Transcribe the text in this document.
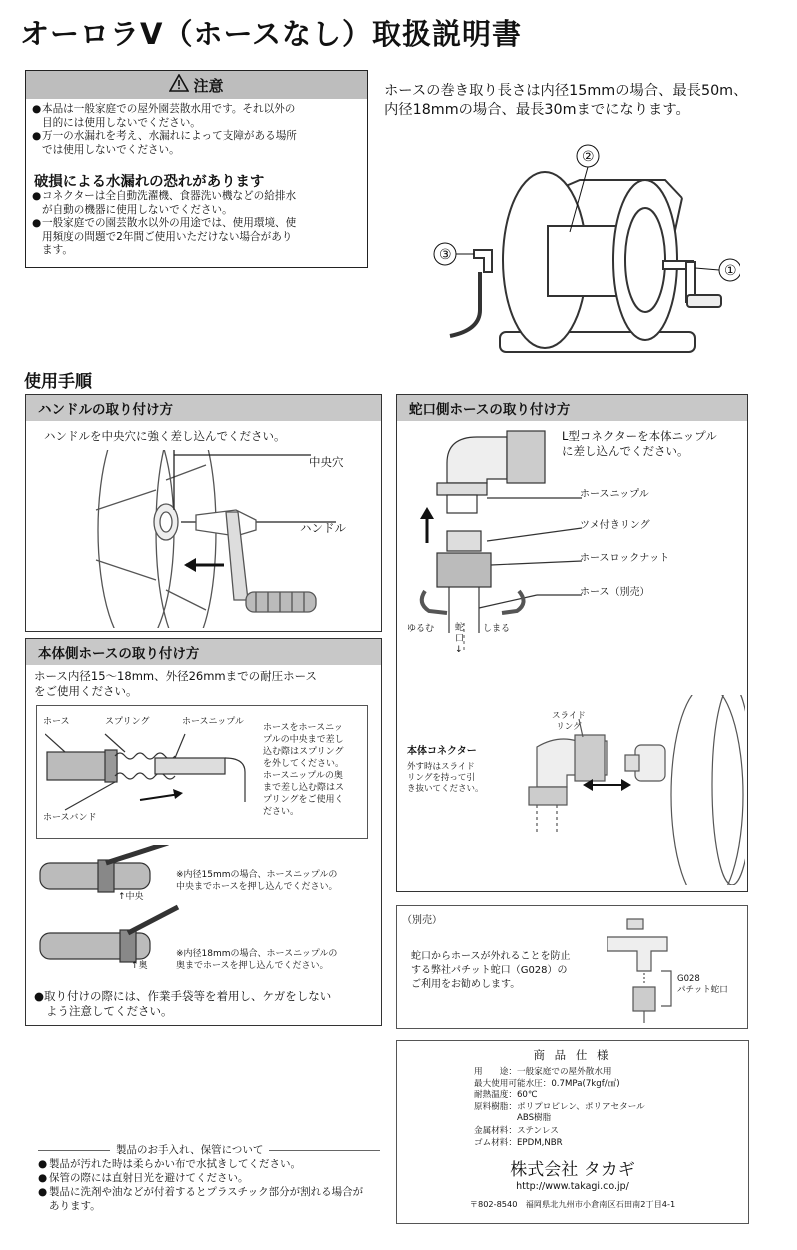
オーロラV（ホースなし）取扱説明書
注意
● 本品は一般家庭での屋外園芸散水用です。それ以外の
目的には使用しないでください。
● 万一の水漏れを考え、水漏れによって支障がある場所
では使用しないでください。
破損による水漏れの恐れがあります
● コネクターは全自動洗濯機、食器洗い機などの給排水
が自動の機器に使用しないでください。
● 一般家庭での園芸散水以外の用途では、使用環境、使
用頻度の問題で2年間ご使用いただけない場合があり
ます。
ホースの巻き取り長さは内径15mmの場合、最長50m、
内径18mmの場合、最長30mまでになります。
②
③
①
使用手順
ハンドルの取り付け方
ハンドルを中央穴に強く差し込んでください。
中央穴
ハンドル
本体側ホースの取り付け方
ホース内径15～18mm、外径26mmまでの耐圧ホース
をご使用ください。
ホース	スプリング	ホースニップル
ホースバンド
ホースをホースニッ
プルの中央まで差し
込む際はスプリング
を外してください。
ホースニップルの奥
まで差し込む際はス
プリングをご使用く
ださい。
↑中央
↑奥
※内径15mmの場合、ホースニップルの
中央までホースを押し込んでください。
※内径18mmの場合、ホースニップルの
奥までホースを押し込んでください。
●取り付けの際には、作業手袋等を着用し、ケガをしない
よう注意してください。
蛇口側ホースの取り付け方
L型コネクターを本体ニップル
に差し込んでください。
ホースニップル
ツメ付きリング
ホースロックナット
ホース（別売）
ゆるむ 蛇
口
↓
しまる
スライド
リング
本体コネクター
外す時はスライド
リングを持って引
き抜いてください。
（別売）
蛇口からホースが外れることを防止
する弊社パチット蛇口（G028）の
ご利用をお勧めします。	G028
パチット蛇口
商 品 仕 様
用　　途：一般家庭での屋外散水用
最大使用可能水圧：0.7MPa(7kgf/㎠)
耐熱温度：60℃
原料樹脂：ポリプロピレン、ポリアセタール
　　　　　ABS樹脂
金属材料：ステンレス
ゴム材料：EPDM,NBR
株式会社 タカギ
http://www.takagi.co.jp/
〒802-8540　福岡県北九州市小倉南区石田南2丁目4-1
製品のお手入れ、保管について
● 製品が汚れた時は柔らかい布で水拭きしてください。
● 保管の際には直射日光を避けてください。
● 製品に洗剤や油などが付着するとプラスチック部分が割れる場合が
あります。
